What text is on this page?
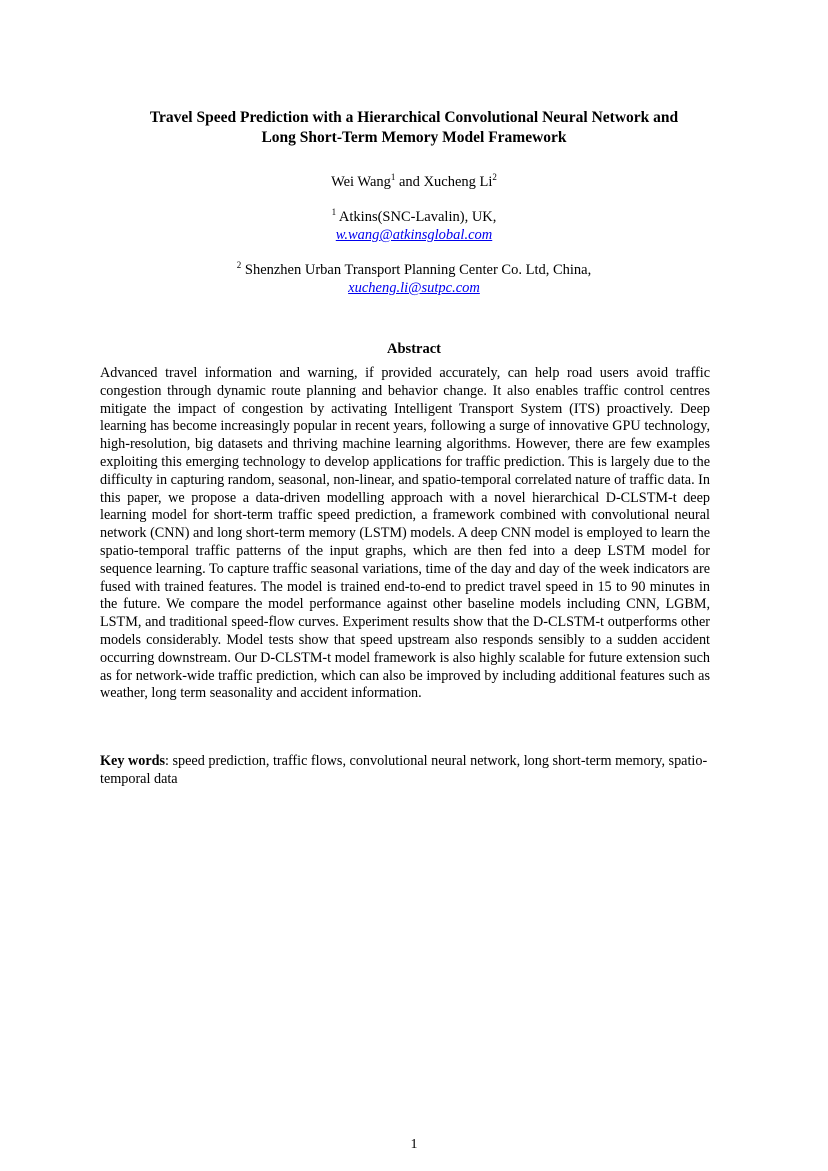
Travel Speed Prediction with a Hierarchical Convolutional Neural Network and
Long Short-Term Memory Model Framework
Wei Wang$^1$ and Xucheng Li$^2$
$^1$ Atkins(SNC-Lavalin), UK,
w.wang@atkinsglobal.com
$^2$ Shenzhen Urban Transport Planning Center Co. Ltd, China,
xucheng.li@sutpc.com
Abstract

Advanced travel information and warning, if provided accurately, can help road users avoid traffic congestion through dynamic route planning and behavior change. It also enables traffic control centres mitigate the impact of congestion by activating Intelligent Transport System (ITS) proactively. Deep learning has become increasingly popular in recent years, following a surge of innovative GPU technology, high-resolution, big datasets and thriving machine learning algorithms. However, there are few examples exploiting this emerging technology to develop applications for traffic prediction. This is largely due to the difficulty in capturing random, seasonal, non-linear, and spatio-temporal correlated nature of traffic data. In this paper, we propose a data-driven modelling approach with a novel hierarchical D-CLSTM-t deep learning model for short-term traffic speed prediction, a framework combined with convolutional neural network (CNN) and long short-term memory (LSTM) models. A deep CNN model is employed to learn the spatio-temporal traffic patterns of the input graphs, which are then fed into a deep LSTM model for sequence learning. To capture traffic seasonal variations, time of the day and day of the week indicators are fused with trained features. The model is trained end-to-end to predict travel speed in 15 to 90 minutes in the future. We compare the model performance against other baseline models including CNN, LGBM, LSTM, and traditional speed-flow curves. Experiment results show that the D-CLSTM-t outperforms other models considerably. Model tests show that speed upstream also responds sensibly to a sudden accident occurring downstream. Our D-CLSTM-t model framework is also highly scalable for future extension such as for network-wide traffic prediction, which can also be improved by including additional features such as weather, long term seasonality and accident information.

Key words: speed prediction, traffic flows, convolutional neural network, long short-term memory, spatio-temporal data

1
